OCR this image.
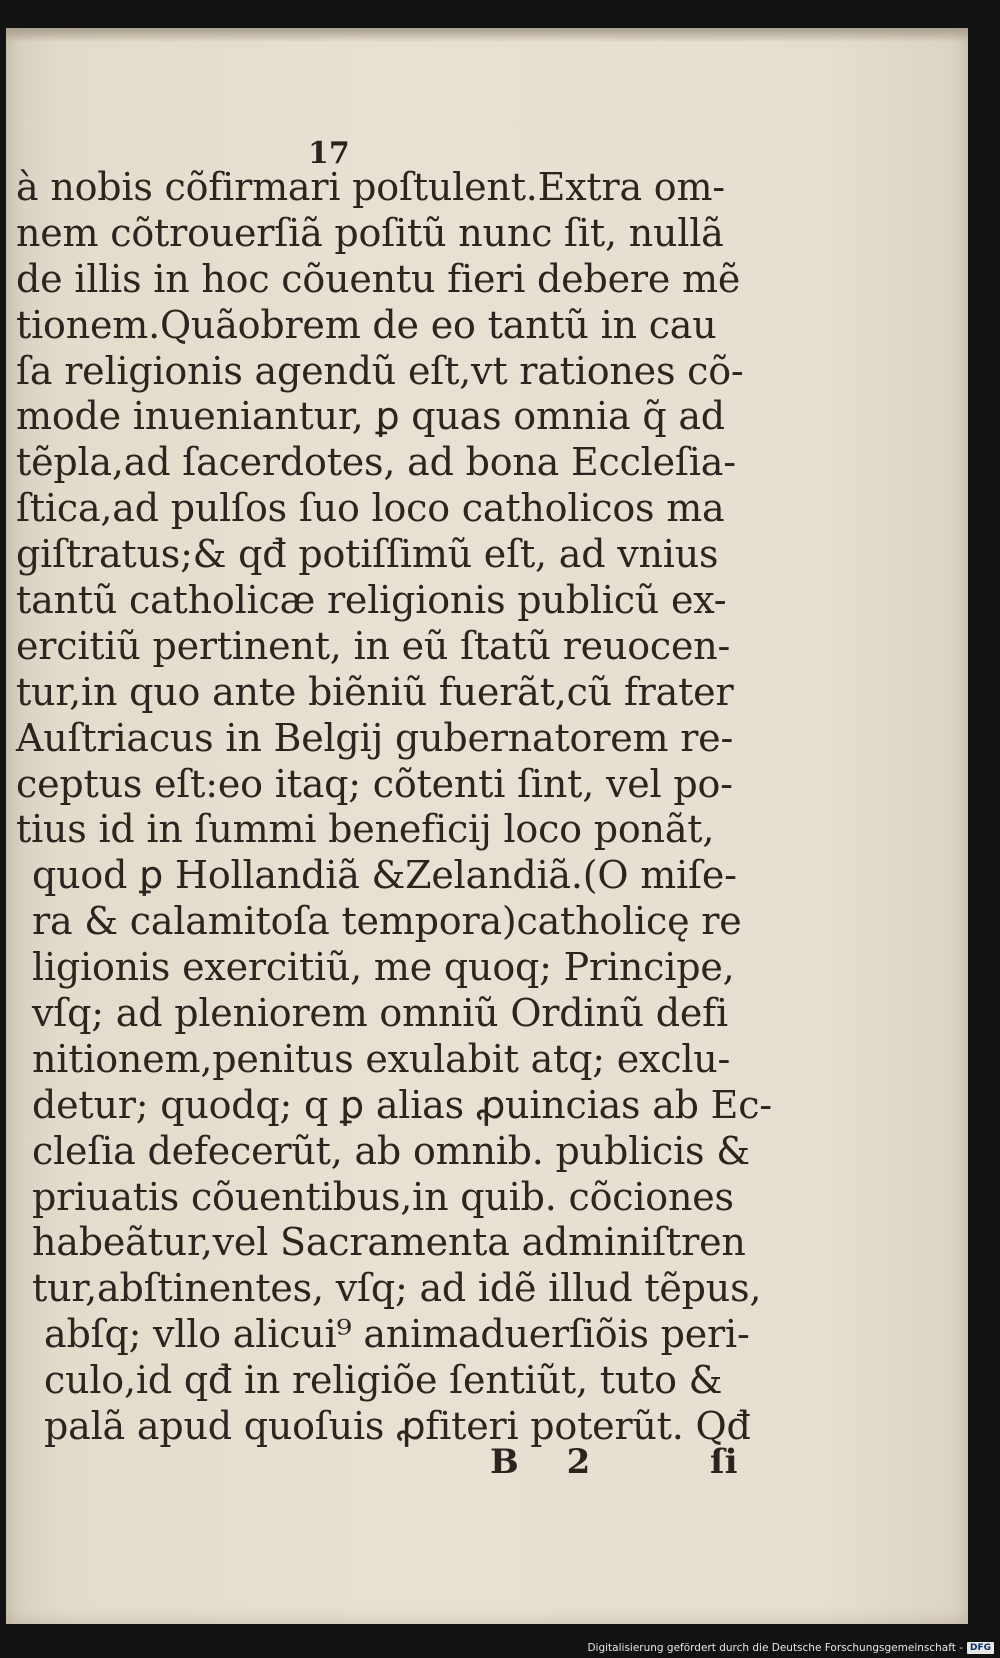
17
à nobis cõfirmari poſtulent.Extra om-
nem cõtrouerſiã poſitũ nunc ſit, nullã
de illis in hoc cõuentu fieri debere mẽ
tionem.Quãobrem de eo tantũ in cau
ſa religionis agendũ eſt,vt rationes cõ-
mode inueniantur, ꝑ quas omnia q̃ ad
tẽpla,ad ſacerdotes, ad bona Eccleſia-
ſtica,ad pulſos ſuo loco catholicos ma
giſtratus;& qđ potiſſimũ eſt, ad vnius
tantũ catholicæ religionis publicũ ex-
ercitiũ pertinent, in eũ ſtatũ reuocen-
tur,in quo ante biẽniũ fuerãt,cũ frater
Auſtriacus in Belgij gubernatorem re-
ceptus eſt:eo itaq; cõtenti ſint, vel po-
tius id in ſummi beneficij loco ponãt,
quod ꝑ Hollandiã &Zelandiã.(O miſe-
ra & calamitoſa tempora)catholicę re
ligionis exercitiũ, me quoq; Principe,
vſq; ad pleniorem omniũ Ordinũ defi
nitionem,penitus exulabit atq; exclu-
detur; quodq; q ꝑ alias ꝓuincias ab Ec-
cleſia defecerũt, ab omnib. publicis &
priuatis cõuentibus,in quib. cõciones
habeãtur,vel Sacramenta adminiſtren
tur,abſtinentes, vſq; ad idẽ illud tẽpus,
abſq; vllo alicui⁹ animaduerſiõis peri-
culo,id qđ in religiõe ſentiũt, tuto &
palã apud quoſuis ꝓfiteri poterũt. Qđ
B 2	ſi
Digitalisierung gefördert durch die Deutsche Forschungsgemeinschaft - DFG
